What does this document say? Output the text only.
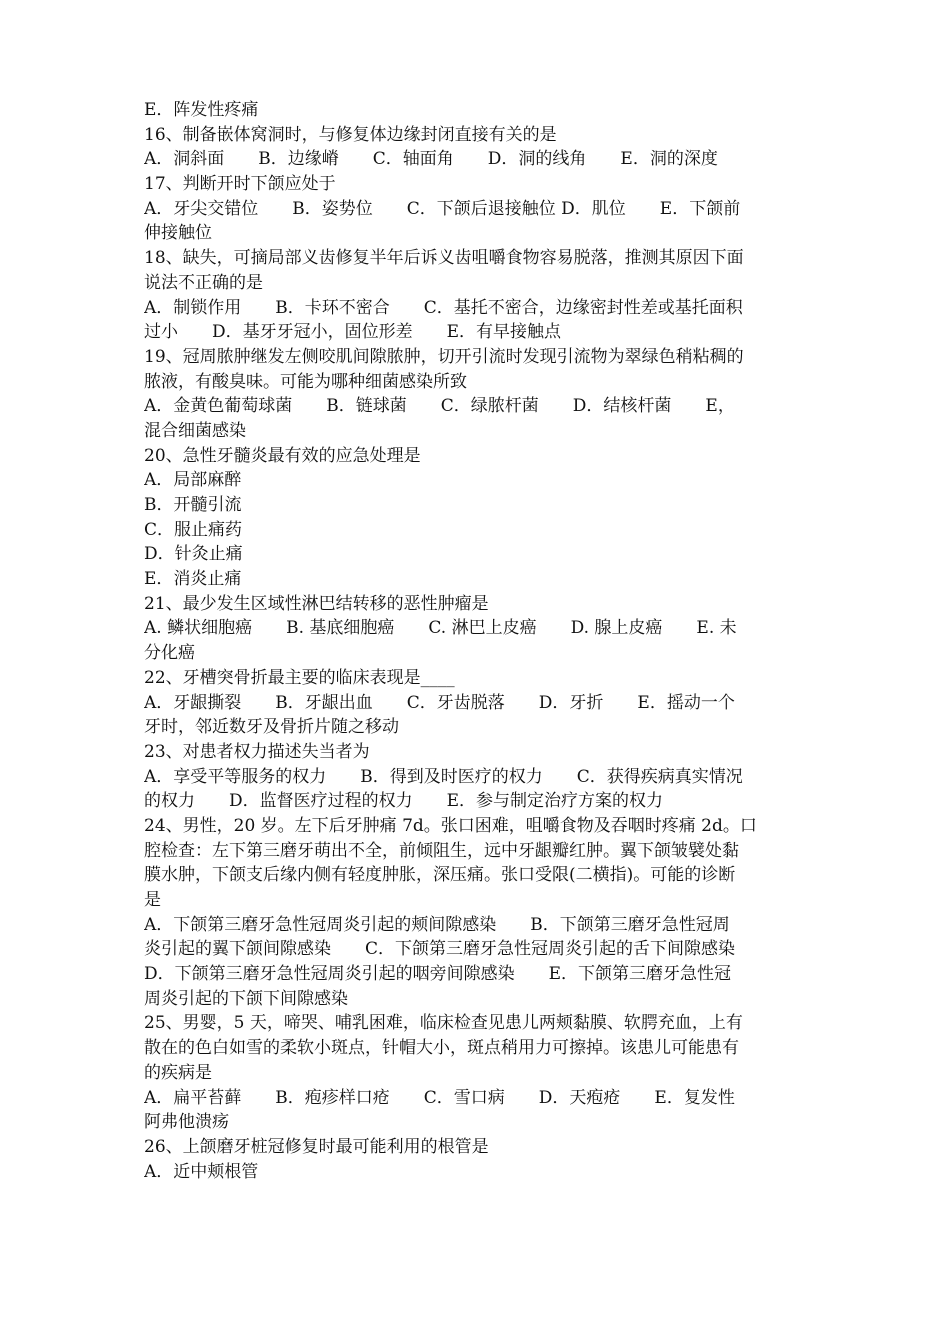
E．阵发性疼痛
16、制备嵌体窝洞时，与修复体边缘封闭直接有关的是
A．洞斜面　　B．边缘嵴　　C．轴面角　　D．洞的线角　　E．洞的深度
17、判断开时下颌应处于
A．牙尖交错位　　B．姿势位　　C．下颌后退接触位 D．肌位　　E．下颌前
伸接触位
18、缺失，可摘局部义齿修复半年后诉义齿咀嚼食物容易脱落，推测其原因下面
说法不正确的是
A．制锁作用　　B．卡环不密合　　C．基托不密合，边缘密封性差或基托面积
过小　　D．基牙牙冠小，固位形差　　E．有早接触点
19、冠周脓肿继发左侧咬肌间隙脓肿，切开引流时发现引流物为翠绿色稍粘稠的
脓液，有酸臭味。可能为哪种细菌感染所致
A．金黄色葡萄球菌　　B．链球菌　　C．绿脓杆菌　　D．结核杆菌　　E，
混合细菌感染
20、急性牙髓炎最有效的应急处理是
A．局部麻醉
B．开髓引流
C．服止痛药
D．针灸止痛
E．消炎止痛
21、最少发生区域性淋巴结转移的恶性肿瘤是
A. 鳞状细胞癌　　B. 基底细胞癌　　C. 淋巴上皮癌　　D. 腺上皮癌　　E. 未
分化癌
22、牙槽突骨折最主要的临床表现是____
A．牙龈撕裂　　B．牙龈出血　　C．牙齿脱落　　D．牙折　　E．摇动一个
牙时，邻近数牙及骨折片随之移动
23、对患者权力描述失当者为
A．享受平等服务的权力　　B．得到及时医疗的权力　　C．获得疾病真实情况
的权力　　D．监督医疗过程的权力　　E．参与制定治疗方案的权力
24、男性，20 岁。左下后牙肿痛 7d。张口困难，咀嚼食物及吞咽时疼痛 2d。口
腔检查：左下第三磨牙萌出不全，前倾阻生，远中牙龈瓣红肿。翼下颌皱襞处黏
膜水肿，下颌支后缘内侧有轻度肿胀，深压痛。张口受限(二横指)。可能的诊断
是
A．下颌第三磨牙急性冠周炎引起的颊间隙感染　　B．下颌第三磨牙急性冠周
炎引起的翼下颌间隙感染　　C．下颌第三磨牙急性冠周炎引起的舌下间隙感染
D．下颌第三磨牙急性冠周炎引起的咽旁间隙感染　　E．下颌第三磨牙急性冠
周炎引起的下颌下间隙感染
25、男婴，5 天，啼哭、哺乳困难，临床检查见患儿两颊黏膜、软腭充血，上有
散在的色白如雪的柔软小斑点，针帽大小，斑点稍用力可擦掉。该患儿可能患有
的疾病是
A．扁平苔藓　　B．疱疹样口疮　　C．雪口病　　D．天疱疮　　E．复发性
阿弗他溃疡
26、上颌磨牙桩冠修复时最可能利用的根管是
A．近中颊根管
